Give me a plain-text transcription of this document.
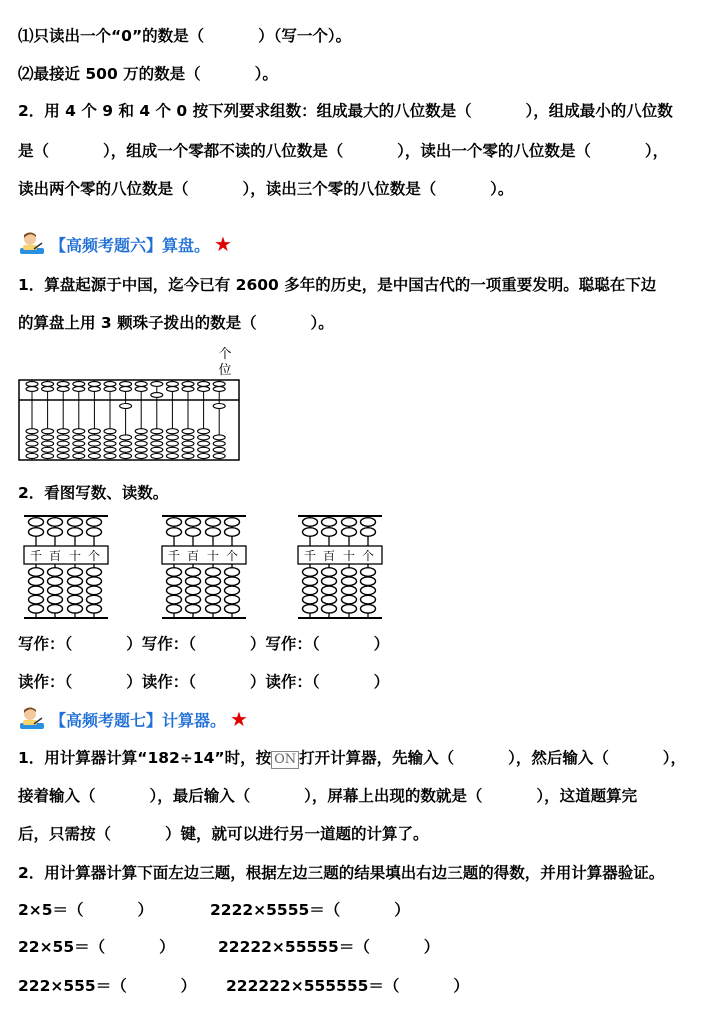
⑴只读出一个“0”的数是（          ）（写一个）。
⑵最接近 500 万的数是（          ）。
2．用 4 个 9 和 4 个 0 按下列要求组数：组成最大的八位数是（          ），组成最小的八位数
是（          ），组成一个零都不读的八位数是（          ），读出一个零的八位数是（          ），
读出两个零的八位数是（          ），读出三个零的八位数是（          ）。
【高频考题六】算盘。 ★
1．算盘起源于中国，迄今已有 2600 多年的历史，是中国古代的一项重要发明。聪聪在下边
的算盘上用 3 颗珠子拨出的数是（          ）。
个
位
2．看图写数、读数。
千 百 十 个	千 百 十 个	千 百 十 个
写作：（          ）写作：（          ）写作：（          ）
读作：（          ）读作：（          ）读作：（          ）
【高频考题七】计算器。 ★
1．用计算器计算“182÷14”时，按 ON 打开计算器，先输入（          ），然后输入（          ），
接着输入（          ），最后输入（          ），屏幕上出现的数就是（          ），这道题算完
后，只需按（          ）键，就可以进行另一道题的计算了。
2．用计算器计算下面左边三题，根据左边三题的结果填出右边三题的得数，并用计算器验证。
2×5＝（          ）
22×55＝（          ）
222×555＝（          ）
2222×5555＝（          ）
22222×55555＝（          ）
222222×555555＝（          ）
